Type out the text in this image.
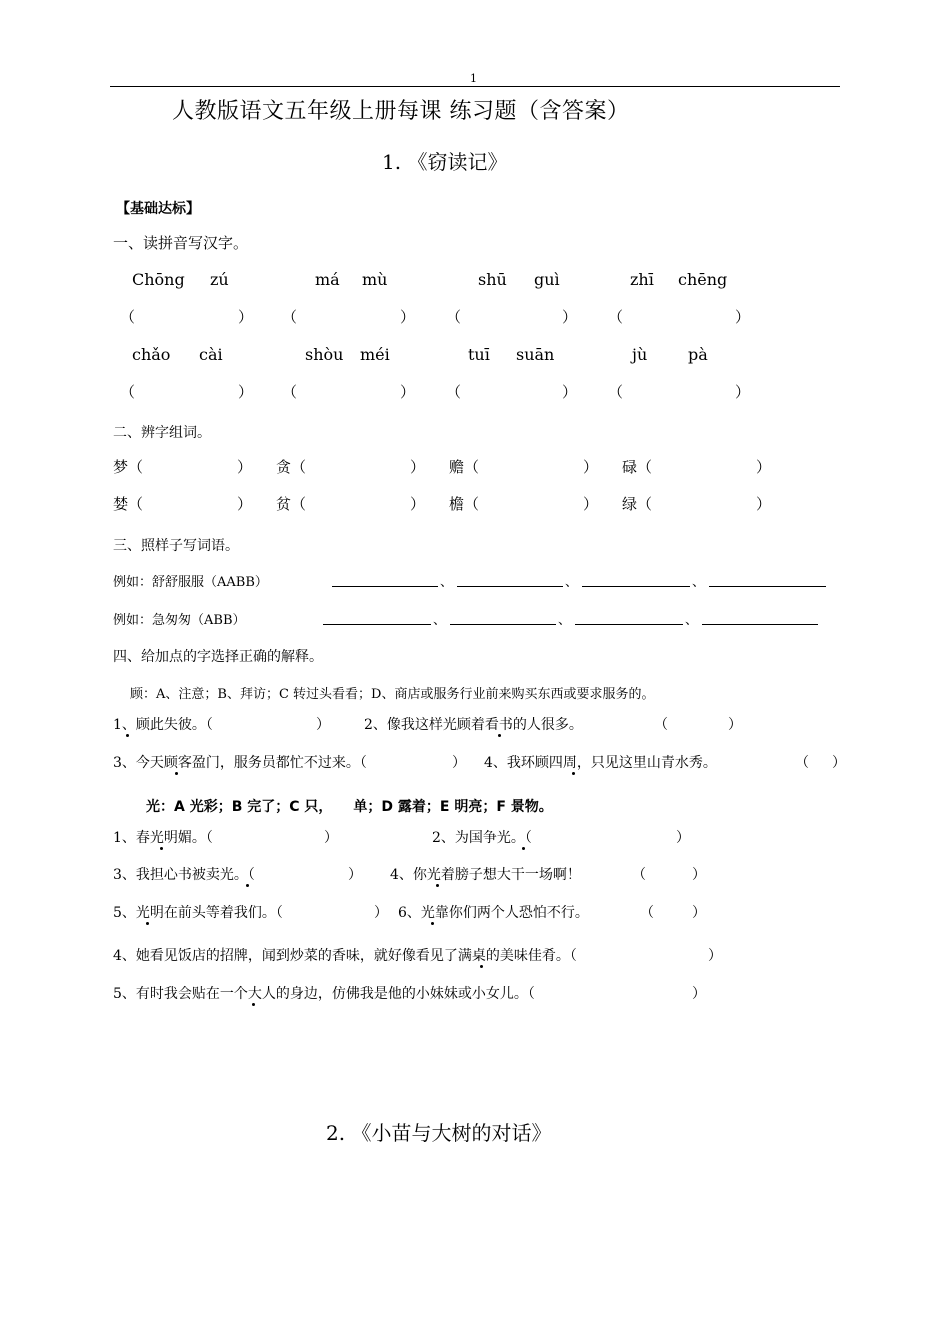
1
人教版语文五年级上册每课 练习题（含答案）
1. 《窃读记》
【基础达标】
一、读拼音写汉字。
Chōng zú	má mù	shū guì	zhī chēng
（	） （	） （	） （	）
chǎo cài	shòu méi	tuī suān	jù	pà
（	） （	） （	） （	）
二、辨字组词。
梦（	） 贪（	） 赡（	） 碌（	）
婪（	） 贫（	） 檐（	） 绿（	）
三、照样子写词语。
例如：舒舒服服（AABB）	、	、	、
例如：急匆匆（ABB）	、	、	、
四、给加点的字选择正确的解释。
顾：A、注意；B、拜访；C 转过头看看；D、商店或服务行业前来购买东西或要求服务的。
1、顾此失彼。（	） 2、像我这样光顾着看书的人很多。	（	）
3、今天顾客盈门，服务员都忙不过来。（	） 4、我环顾四周，只见这里山青水秀。	（ ）
光：A 光彩；B 完了；C 只，　　单；D 露着；E 明亮；F 景物。
1、春光明媚。（	）	2、为国争光。（	）
3、我担心书被卖光。（	） 4、你光着膀子想大干一场啊！	（	）
5、光明在前头等着我们。（	） 6、光靠你们两个人恐怕不行。	（	）
4、她看见饭店的招牌，闻到炒菜的香味，就好像看见了满桌的美味佳肴。（	）
5、有时我会贴在一个大人的身边，仿佛我是他的小妹妹或小女儿。（	）
2. 《小苗与大树的对话》
